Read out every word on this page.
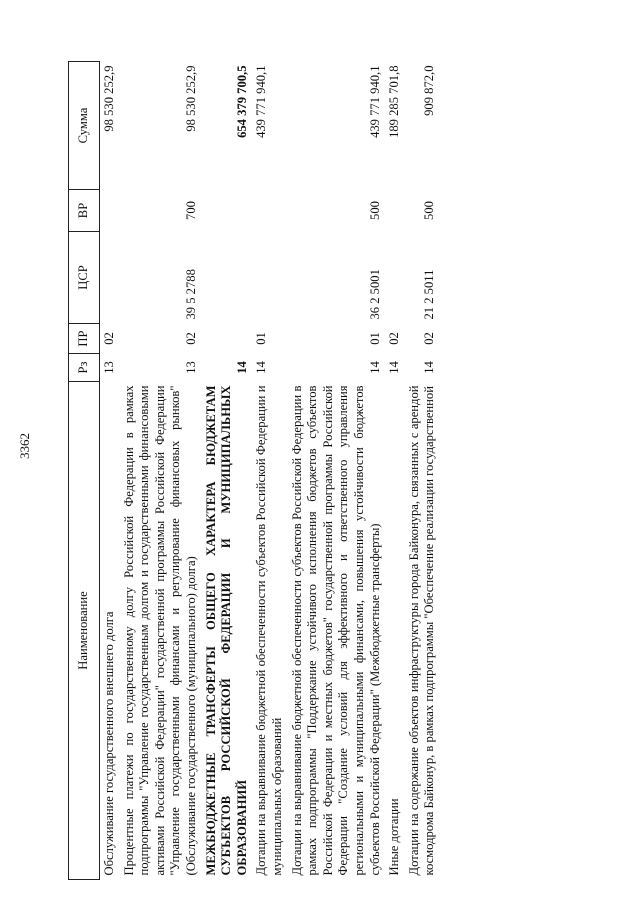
3362
Наименование	Рз	ПР	ЦСР	ВР	Сумма
Обслуживание государственного внешнего долга	13	02			98 530 252,9
Процентные платежи по государственному долгу Российской Федерации в рамках подпрограммы "Управление государственным долгом и государственными финансовыми активами Российской Федерации" государственной программы Российской Федерации "Управление государственными финансами и регулирование финансовых рынков" (Обслуживание государственного (муниципального) долга)	13	02	39 5 2788	700	98 530 252,9
МЕЖБЮДЖЕТНЫЕ ТРАНСФЕРТЫ ОБЩЕГО ХАРАКТЕРА БЮДЖЕТАМ СУБЪЕКТОВ РОССИЙСКОЙ ФЕДЕРАЦИИ И МУНИЦИПАЛЬНЫХ ОБРАЗОВАНИЙ	14				654 379 700,5
Дотации на выравнивание бюджетной обеспеченности субъектов Российской Федерации и муниципальных образований	14	01			439 771 940,1
Дотации на выравнивание бюджетной обеспеченности субъектов Российской Федерации в рамках подпрограммы "Поддержание устойчивого исполнения бюджетов субъектов Российской Федерации и местных бюджетов" государственной программы Российской Федерации "Создание условий для эффективного и ответственного управления региональными и муниципальными финансами, повышения устойчивости бюджетов субъектов Российской Федерации" (Межбюджетные трансферты)	14	01	36 2 5001	500	439 771 940,1
Иные дотации	14	02			189 285 701,8
Дотации на содержание объектов инфраструктуры города Байконура, связанных с арендой космодрома Байконур, в рамках подпрограммы "Обеспечение реализации государственной	14	02	21 2 5011	500	909 872,0
